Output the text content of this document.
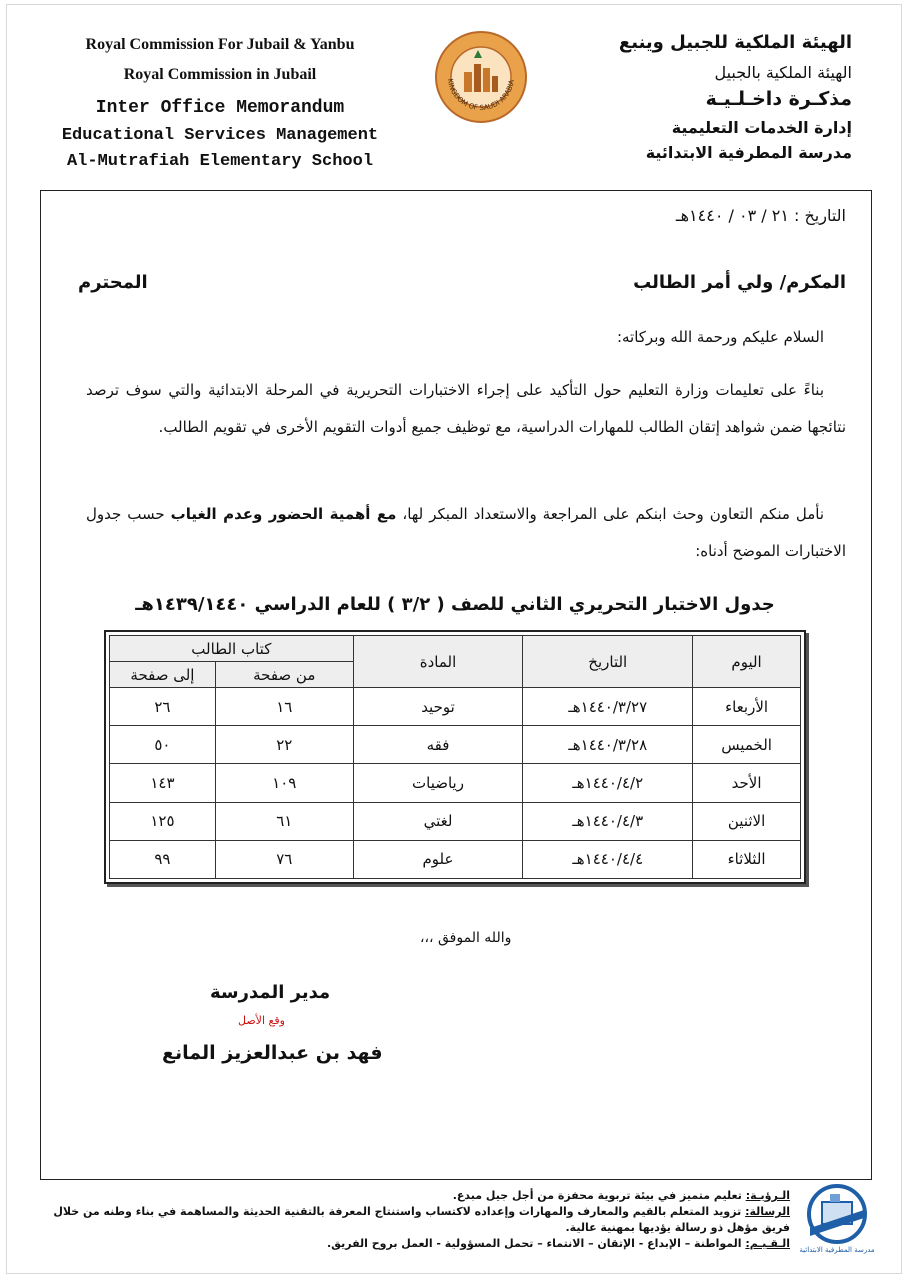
Royal Commission For Jubail & Yanbu
Royal Commission in Jubail
Inter Office Memorandum
Educational Services Management
Al-Mutrafiah Elementary School
KINGDOM OF SAUDI ARABIA
الهيئة الملكية للجبيل وينبع
الهيئة الملكية بالجبيل
مذكـرة داخـلـيـة
إدارة الخدمات التعليمية
مدرسة المطرفية الابتدائية
التاريخ : ٢١ / ٠٣ / ١٤٤٠هـ
المكرم/ ولي أمر الطالب
المحترم
السلام عليكم ورحمة الله وبركاته:
بناءً على تعليمات وزارة التعليم حول التأكيد على إجراء الاختبارات التحريرية في المرحلة الابتدائية والتي سوف ترصد نتائجها ضمن شواهد إتقان الطالب للمهارات الدراسية، مع توظيف جميع أدوات التقويم الأخرى في تقويم الطالب.
نأمل منكم التعاون وحث ابنكم على المراجعة والاستعداد المبكر لها، مع أهمية الحضور وعدم الغياب حسب جدول الاختبارات الموضح أدناه:
جدول الاختبار التحريري الثاني للصف ( ٣/٢ ) للعام الدراسي ١٤٣٩/١٤٤٠هـ
اليوم	التاريخ	المادة	كتاب الطالب	
			من صفحة	إلى صفحة
الأربعاء	١٤٤٠/٣/٢٧هـ	توحيد	١٦	٢٦
الخميس	١٤٤٠/٣/٢٨هـ	فقه	٢٢	٥٠
الأحد	١٤٤٠/٤/٢هـ	رياضيات	١٠٩	١٤٣
الاثنين	١٤٤٠/٤/٣هـ	لغتي	٦١	١٢٥
الثلاثاء	١٤٤٠/٤/٤هـ	علوم	٧٦	٩٩
والله الموفق ،،،
مدير المدرسة
وقع الأصل
فهد بن عبدالعزيز المانع
الـرؤيـة: تعليم متميز في بيئة تربوية محفزة من أجل جيل مبدع.
الرسالة: تزويد المتعلم بالقيم والمعارف والمهارات وإعداده لاكتساب واستنتاج المعرفة بالتقنية الحديثة والمساهمة في بناء وطنه من خلال فريق مؤهل ذو رسالة يؤديها بمهنية عالية.
الـقـيـم: المواطنة – الإبداع - الإتقان – الانتماء – تحمل المسؤولية - العمل بروح الفريق.	مدرسة المطرفية الابتدائية
